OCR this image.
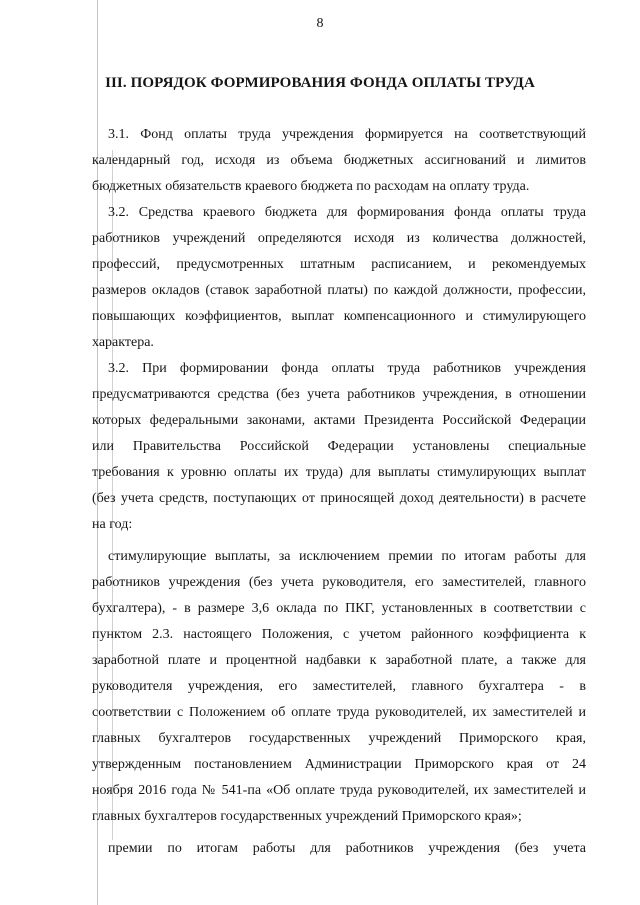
8
III. ПОРЯДОК ФОРМИРОВАНИЯ ФОНДА ОПЛАТЫ ТРУДА

3.1. Фонд оплаты труда учреждения формируется на соответствующий

календарный год, исходя из объема бюджетных ассигнований и лимитов

бюджетных обязательств краевого бюджета по расходам на оплату труда.

3.2. Средства краевого бюджета для формирования фонда оплаты труда

работников учреждений определяются исходя из количества должностей,

профессий, предусмотренных штатным расписанием, и рекомендуемых

размеров окладов (ставок заработной платы) по каждой должности, профессии,

повышающих коэффициентов, выплат компенсационного и стимулирующего

характера.

3.2. При формировании фонда оплаты труда работников учреждения

предусматриваются средства (без учета работников учреждения, в отношении

которых федеральными законами, актами Президента Российской Федерации

или Правительства Российской Федерации установлены специальные

требования к уровню оплаты их труда) для выплаты стимулирующих выплат

(без учета средств, поступающих от приносящей доход деятельности) в расчете

на год:

стимулирующие выплаты, за исключением премии по итогам работы для

работников учреждения (без учета руководителя, его заместителей, главного

бухгалтера), - в размере 3,6 оклада по ПКГ, установленных в соответствии с

пунктом 2.3. настоящего Положения, с учетом районного коэффициента к

заработной плате и процентной надбавки к заработной плате, а также для

руководителя учреждения, его заместителей, главного бухгалтера - в

соответствии с Положением об оплате труда руководителей, их заместителей и

главных бухгалтеров государственных учреждений Приморского края,

утвержденным постановлением Администрации Приморского края от 24

ноября 2016 года № 541-па «Об оплате труда руководителей, их заместителей и

главных бухгалтеров государственных учреждений Приморского края»;

премии по итогам работы для работников учреждения (без учета
